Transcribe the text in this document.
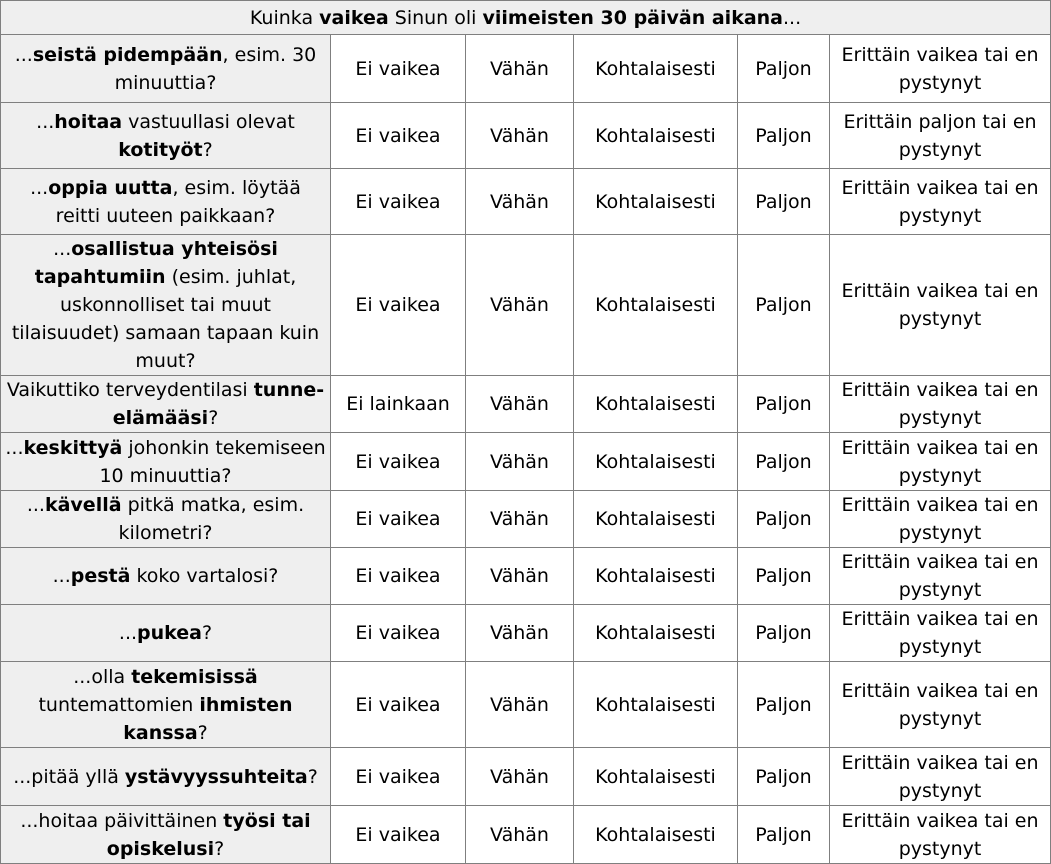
Kuinka vaikea Sinun oli viimeisten 30 päivän aikana...					
...seistä pidempään, esim. 30 minuuttia?	Ei vaikea	Vähän	Kohtalaisesti	Paljon	Erittäin vaikea tai en pystynyt
...hoitaa vastuullasi olevat kotityöt?	Ei vaikea	Vähän	Kohtalaisesti	Paljon	Erittäin paljon tai en pystynyt
...oppia uutta, esim. löytää reitti uuteen paikkaan?	Ei vaikea	Vähän	Kohtalaisesti	Paljon	Erittäin vaikea tai en pystynyt
...osallistua yhteisösi tapahtumiin (esim. juhlat, uskonnolliset tai muut tilaisuudet) samaan tapaan kuin muut?	Ei vaikea	Vähän	Kohtalaisesti	Paljon	Erittäin vaikea tai en pystynyt
Vaikuttiko terveydentilasi tunne-elämääsi?	Ei lainkaan	Vähän	Kohtalaisesti	Paljon	Erittäin vaikea tai en pystynyt
...keskittyä johonkin tekemiseen 10 minuuttia?	Ei vaikea	Vähän	Kohtalaisesti	Paljon	Erittäin vaikea tai en pystynyt
...kävellä pitkä matka, esim. kilometri?	Ei vaikea	Vähän	Kohtalaisesti	Paljon	Erittäin vaikea tai en pystynyt
...pestä koko vartalosi?	Ei vaikea	Vähän	Kohtalaisesti	Paljon	Erittäin vaikea tai en pystynyt
...pukea?	Ei vaikea	Vähän	Kohtalaisesti	Paljon	Erittäin vaikea tai en pystynyt
...olla tekemisissä tuntemattomien ihmisten kanssa?	Ei vaikea	Vähän	Kohtalaisesti	Paljon	Erittäin vaikea tai en pystynyt
...pitää yllä ystävyyssuhteita?	Ei vaikea	Vähän	Kohtalaisesti	Paljon	Erittäin vaikea tai en pystynyt
...hoitaa päivittäinen työsi tai opiskelusi?	Ei vaikea	Vähän	Kohtalaisesti	Paljon	Erittäin vaikea tai en pystynyt
